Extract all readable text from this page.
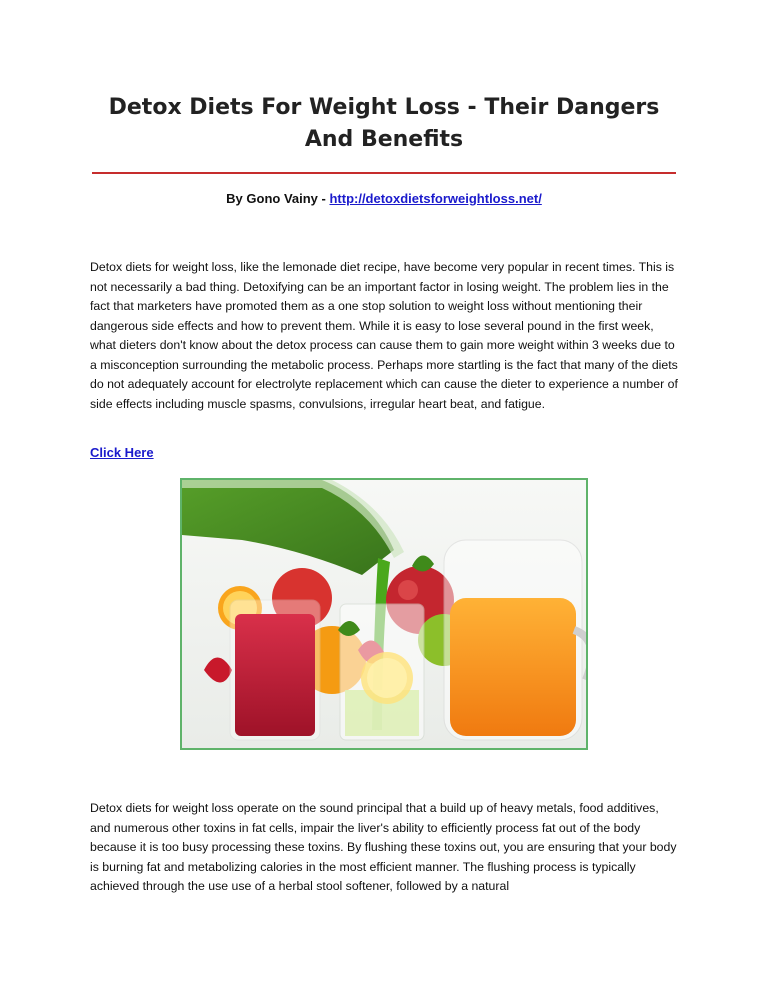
Detox Diets For Weight Loss - Their Dangers And Benefits
By Gono Vainy - http://detoxdietsforweightloss.net/
Detox diets for weight loss, like the lemonade diet recipe, have become very popular in recent times. This is not necessarily a bad thing. Detoxifying can be an important factor in losing weight. The problem lies in the fact that marketers have promoted them as a one stop solution to weight loss without mentioning their dangerous side effects and how to prevent them. While it is easy to lose several pound in the first week, what dieters don't know about the detox process can cause them to gain more weight within 3 weeks due to a misconception surrounding the metabolic process. Perhaps more startling is the fact that many of the diets do not adequately account for electrolyte replacement which can cause the dieter to experience a number of side effects including muscle spasms, convulsions, irregular heart beat, and fatigue.
Click Here
Detox diets for weight loss operate on the sound principal that a build up of heavy metals, food additives, and numerous other toxins in fat cells, impair the liver's ability to efficiently process fat out of the body because it is too busy processing these toxins. By flushing these toxins out, you are ensuring that your body is burning fat and metabolizing calories in the most efficient manner. The flushing process is typically achieved through the use use of a herbal stool softener, followed by a natural
